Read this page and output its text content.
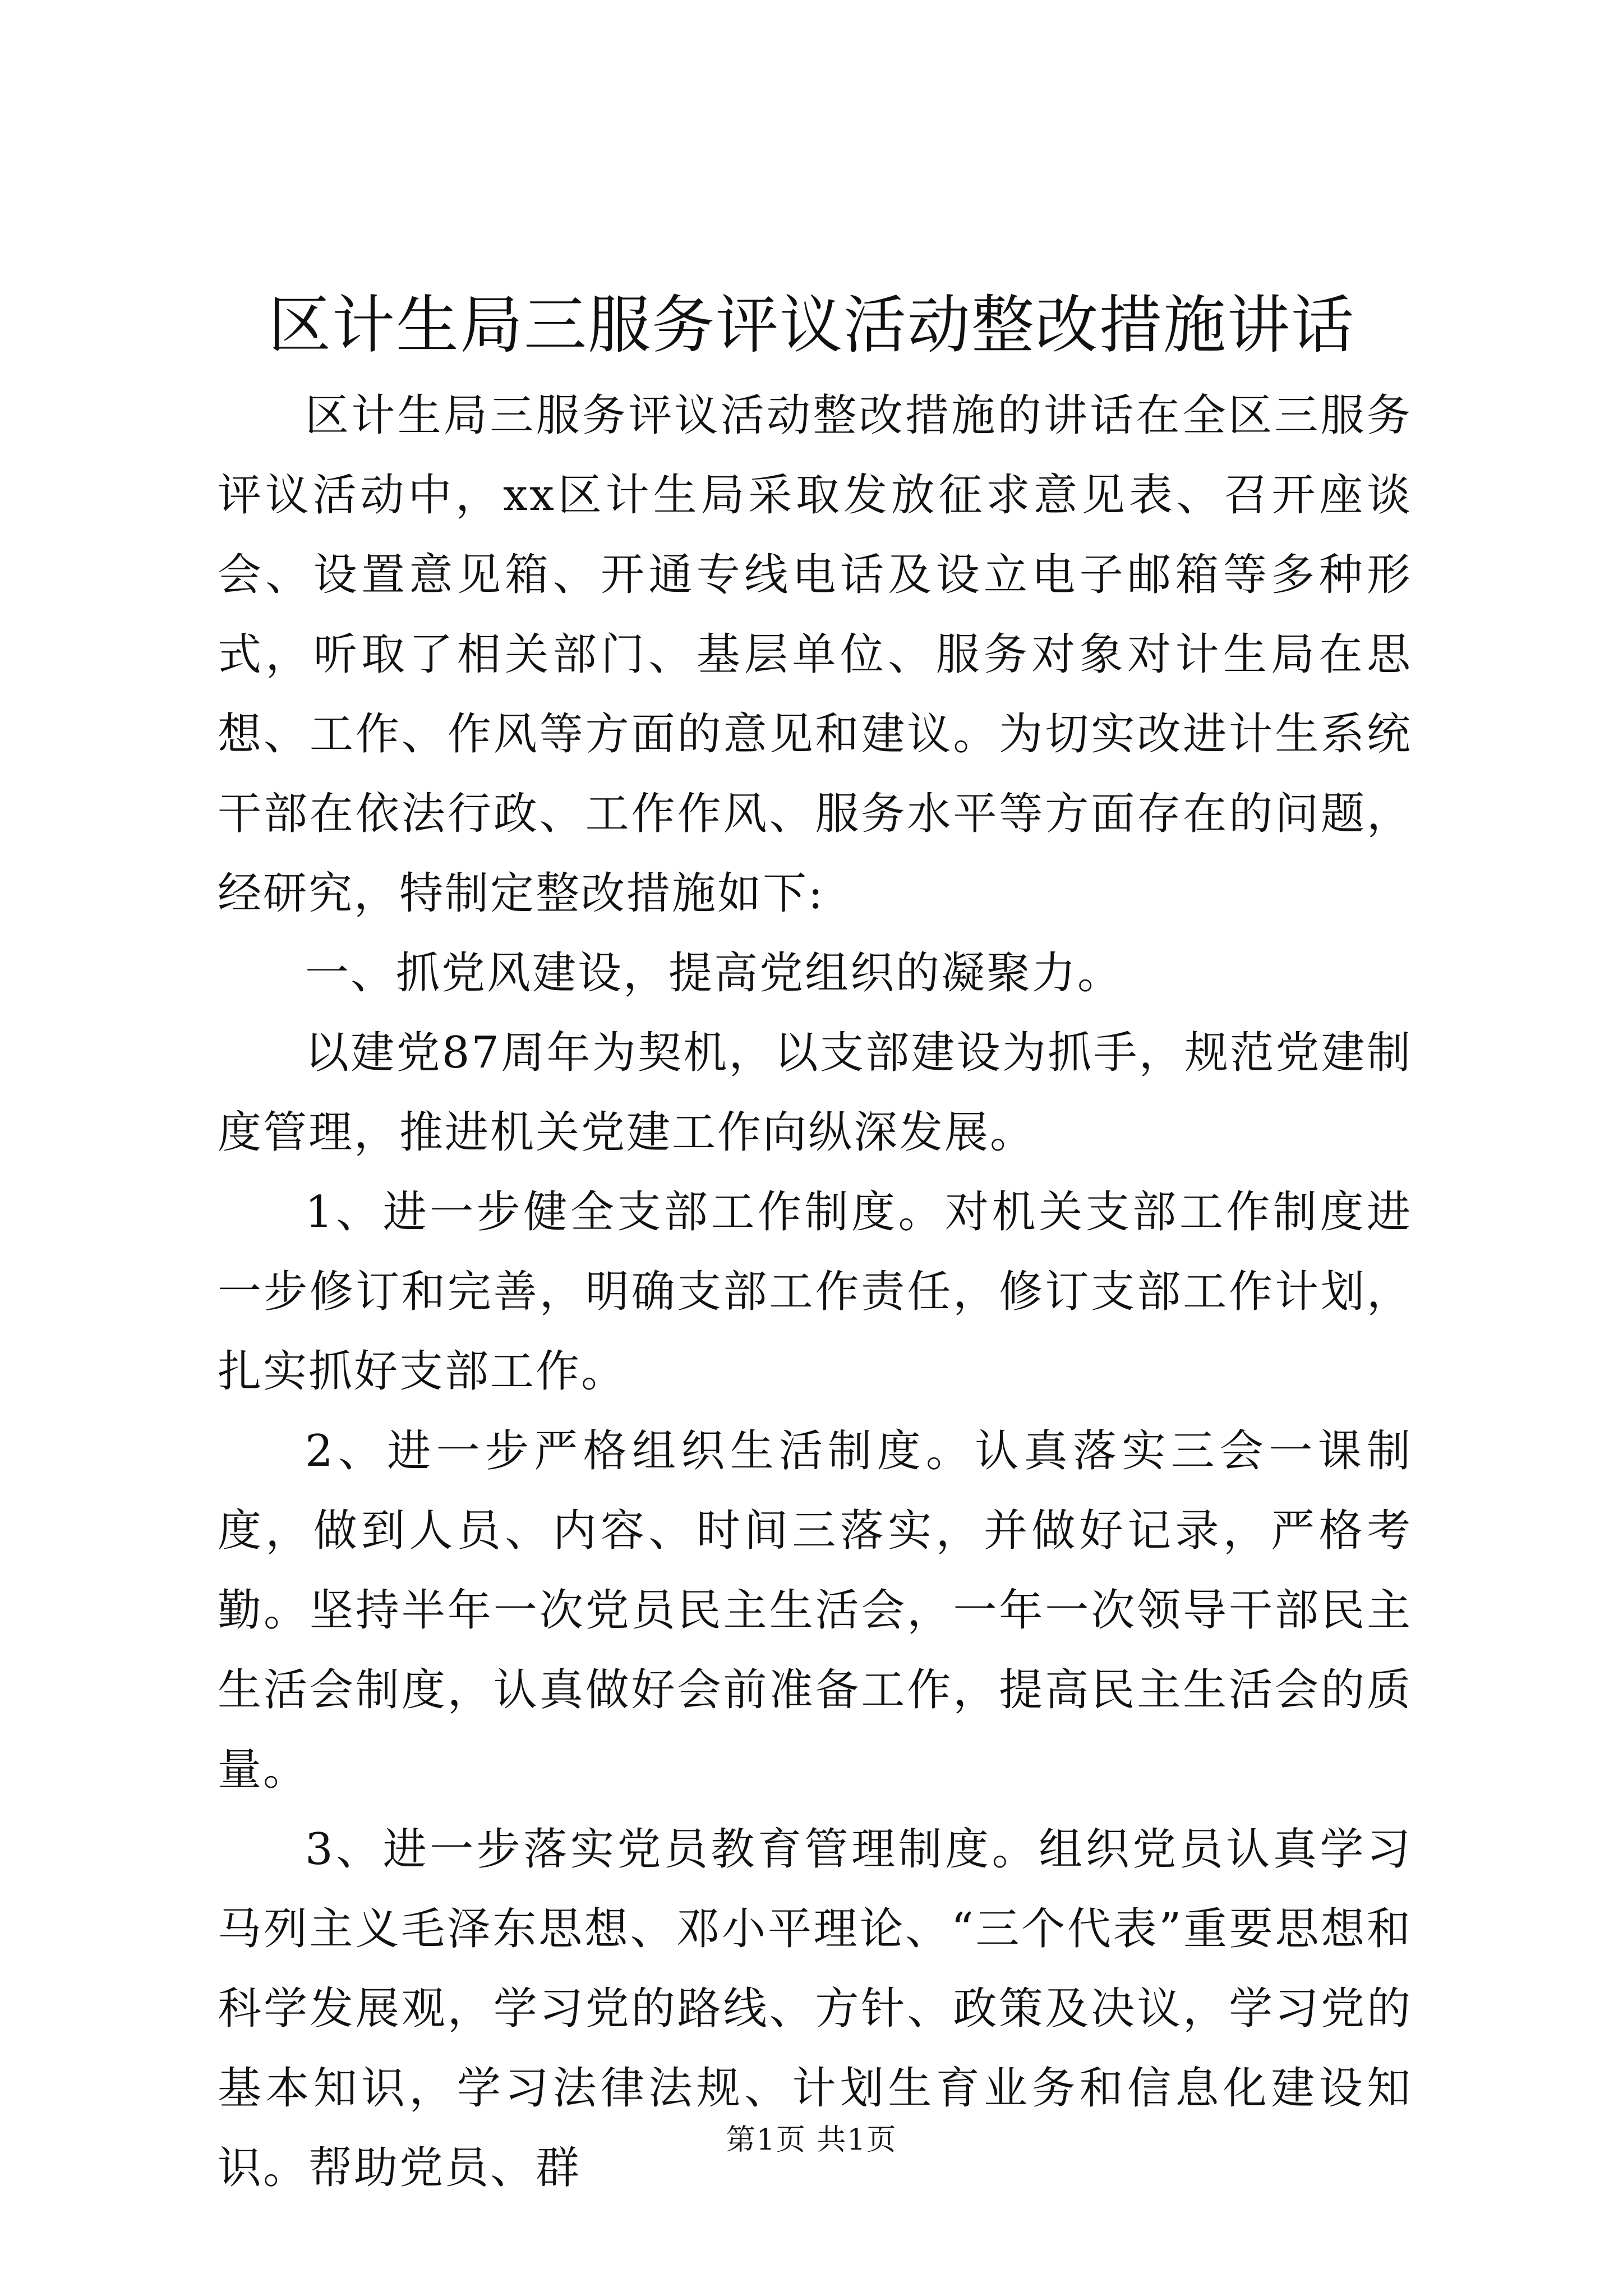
区计生局三服务评议活动整改措施讲话

区计生局三服务评议活动整改措施的讲话在全区三服务评议活动中，xx区计生局采取发放征求意见表、召开座谈会、设置意见箱、开通专线电话及设立电子邮箱等多种形式，听取了相关部门、基层单位、服务对象对计生局在思想、工作、作风等方面的意见和建议。为切实改进计生系统干部在依法行政、工作作风、服务水平等方面存在的问题，经研究，特制定整改措施如下:

一、抓党风建设，提高党组织的凝聚力。

以建党87周年为契机，以支部建设为抓手，规范党建制度管理，推进机关党建工作向纵深发展。

1、进一步健全支部工作制度。对机关支部工作制度进一步修订和完善，明确支部工作责任，修订支部工作计划，扎实抓好支部工作。

2、进一步严格组织生活制度。认真落实三会一课制度，做到人员、内容、时间三落实，并做好记录，严格考勤。坚持半年一次党员民主生活会，一年一次领导干部民主生活会制度，认真做好会前准备工作，提高民主生活会的质量。

3、进一步落实党员教育管理制度。组织党员认真学习马列主义毛泽东思想、邓小平理论、“三个代表”重要思想和科学发展观，学习党的路线、方针、政策及决议，学习党的基本知识，学习法律法规、计划生育业务和信息化建设知识。帮助党员、群

第1页 共1页
